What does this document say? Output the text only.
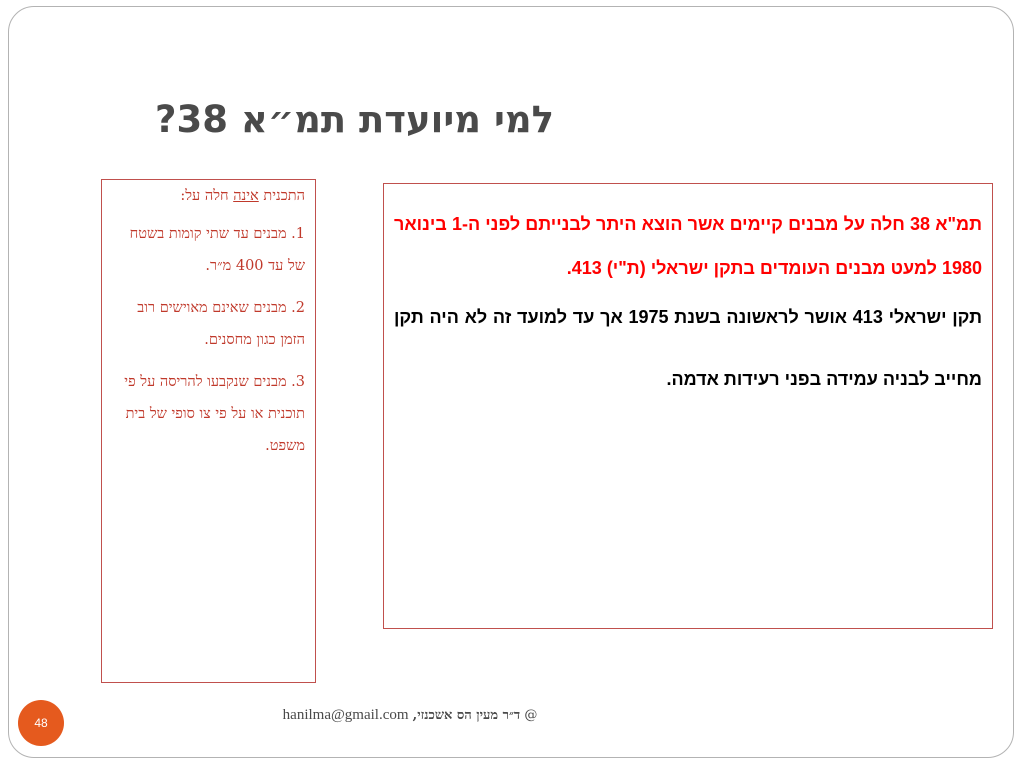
למי מיועדת תמ״א 38?

התכנית אינה חלה על:

1. מבנים עד שתי קומות בשטח של עד 400 מ״ר.

2. מבנים שאינם מאוישים רוב הזמן כגון מחסנים.

3. מבנים שנקבעו להריסה על פי תוכנית או על פי צו סופי של בית משפט.

תמ"א 38 חלה על מבנים קיימים אשר הוצא היתר לבנייתם לפני ה-1 בינואר 1980 למעט מבנים העומדים בתקן ישראלי (ת"י) 413.

תקן ישראלי 413 אושר לראשונה בשנת 1975 אך עד למועד זה לא היה תקן מחייב לבניה עמידה בפני רעידות אדמה.

48	@ ד״ר מעין הס אשכנזי, hanilma@gmail.com
